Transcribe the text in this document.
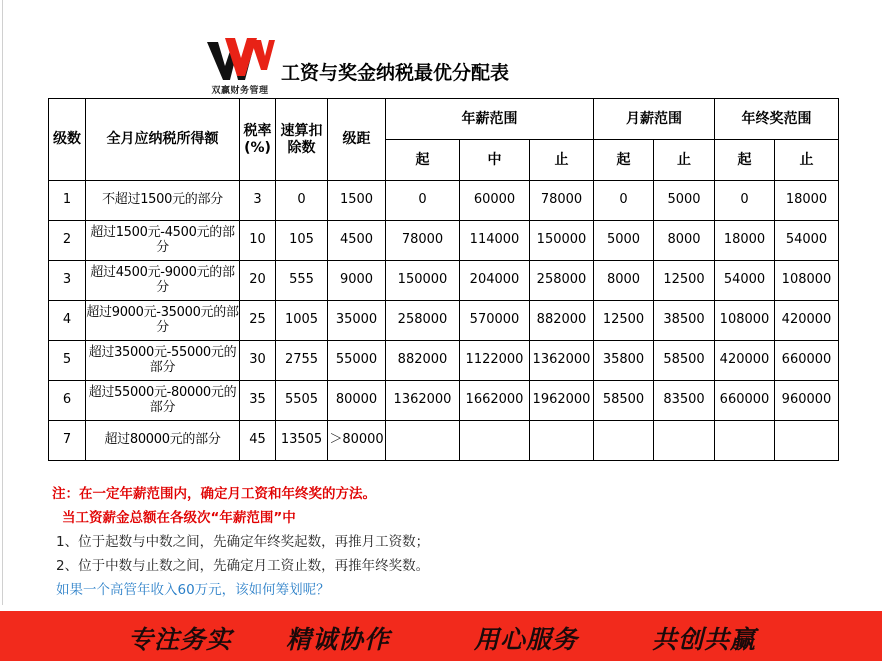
双赢财务管理
工资与奖金纳税最优分配表
级数	全月应纳税所得额	税率(%)	速算扣除数	级距	年薪范围			月薪范围		年终奖范围	
					起	中	止	起	止	起	止
1	不超过1500元的部分	3	0	1500	0	60000	78000	0	5000	0	18000
2	超过1500元-4500元的部分	10	105	4500	78000	114000	150000	5000	8000	18000	54000
3	超过4500元-9000元的部分	20	555	9000	150000	204000	258000	8000	12500	54000	108000
4	超过9000元-35000元的部分	25	1005	35000	258000	570000	882000	12500	38500	108000	420000
5	超过35000元-55000元的部分	30	2755	55000	882000	1122000	1362000	35800	58500	420000	660000
6	超过55000元-80000元的部分	35	5505	80000	1362000	1662000	1962000	58500	83500	660000	960000
7	超过80000元的部分	45	13505	＞80000							
注：在一定年薪范围内，确定月工资和年终奖的方法。
当工资薪金总额在各级次“年薪范围”中
1、位于起数与中数之间，先确定年终奖起数，再推月工资数；
2、位于中数与止数之间，先确定月工资止数，再推年终奖数。
如果一个高管年收入60万元，该如何筹划呢？
专注务实 精诚协作	用心服务	共创共赢
